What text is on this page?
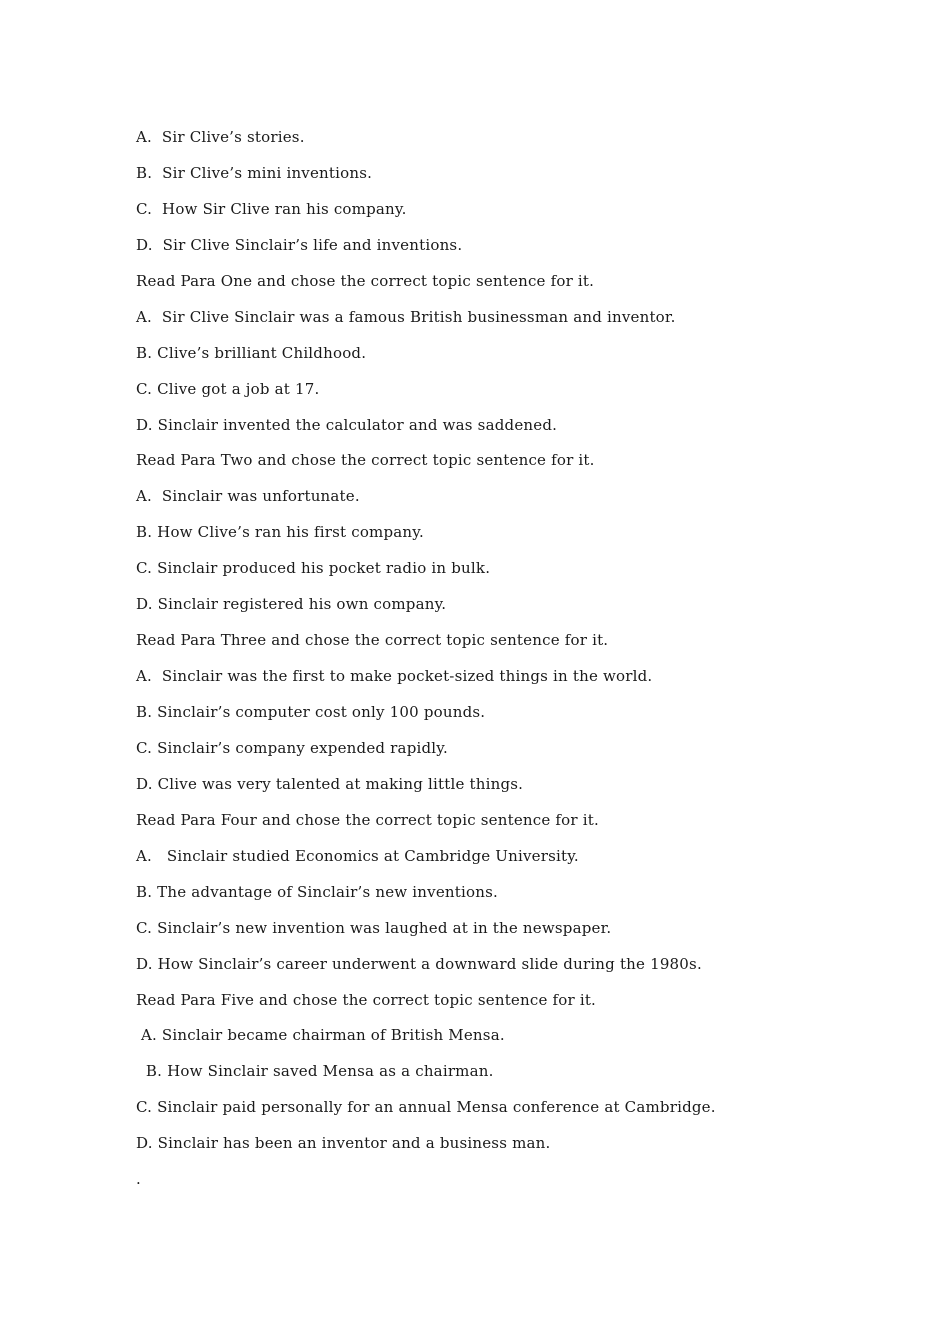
A.  Sir Clive’s stories.
B.  Sir Clive’s mini inventions.
C.  How Sir Clive ran his company.
D.  Sir Clive Sinclair’s life and inventions.
Read Para One and chose the correct topic sentence for it.
A.  Sir Clive Sinclair was a famous British businessman and inventor.
B. Clive’s brilliant Childhood.
C. Clive got a job at 17.
D. Sinclair invented the calculator and was saddened.
Read Para Two and chose the correct topic sentence for it.
A.  Sinclair was unfortunate.
B. How Clive’s ran his first company.
C. Sinclair produced his pocket radio in bulk.
D. Sinclair registered his own company.
Read Para Three and chose the correct topic sentence for it.
A.  Sinclair was the first to make pocket-sized things in the world.
B. Sinclair’s computer cost only 100 pounds.
C. Sinclair’s company expended rapidly.
D. Clive was very talented at making little things.
Read Para Four and chose the correct topic sentence for it.
A.   Sinclair studied Economics at Cambridge University.
B. The advantage of Sinclair’s new inventions.
C. Sinclair’s new invention was laughed at in the newspaper.
D. How Sinclair’s career underwent a downward slide during the 1980s.
Read Para Five and chose the correct topic sentence for it.
A. Sinclair became chairman of British Mensa.
B. How Sinclair saved Mensa as a chairman.
C. Sinclair paid personally for an annual Mensa conference at Cambridge.
D. Sinclair has been an inventor and a business man.
.
